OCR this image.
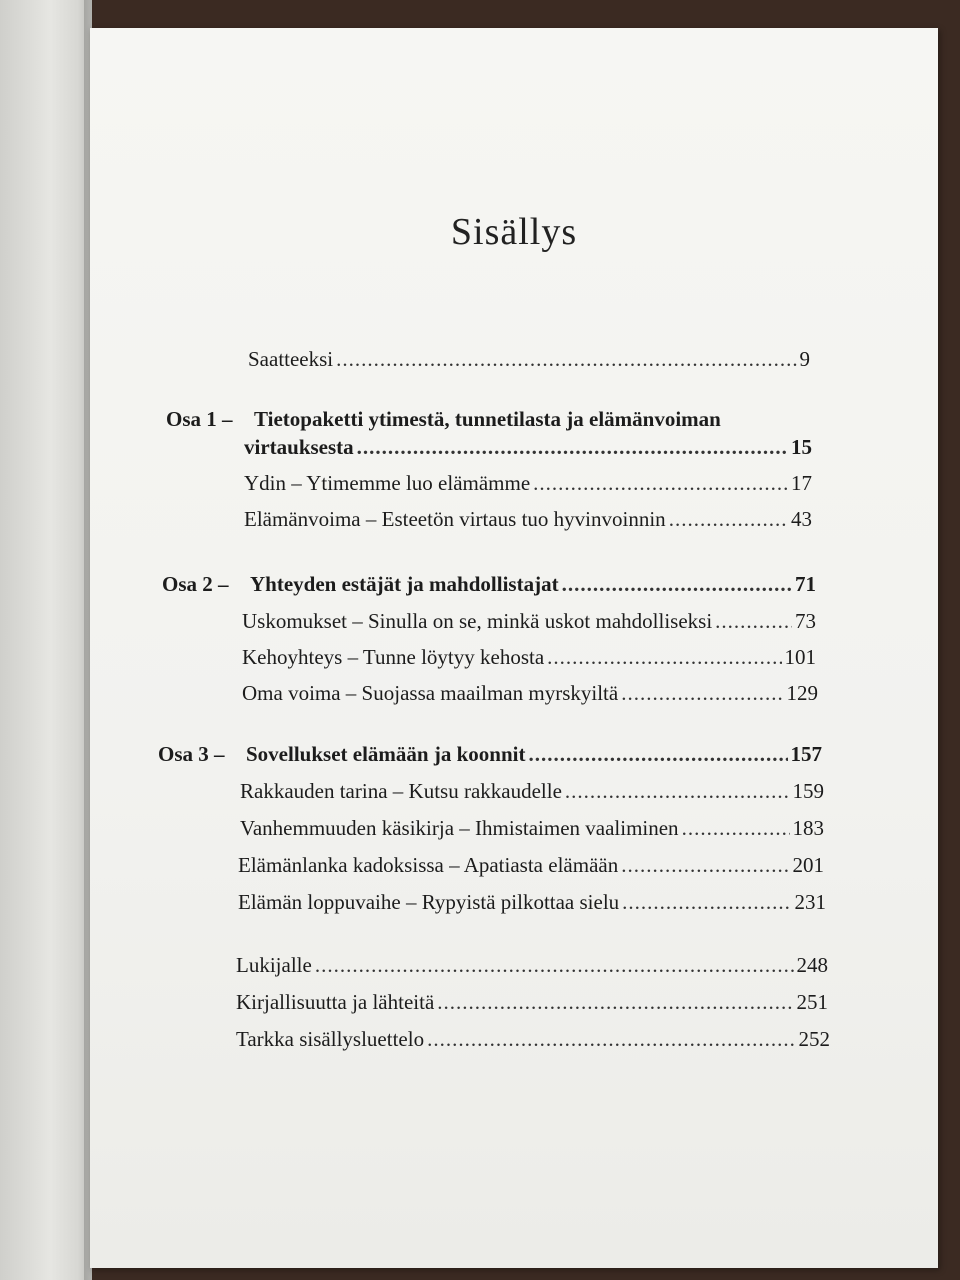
Sisällys
Saatteeksi .....	9
Osa 1 –	Tietopaketti ytimestä, tunnetilasta ja elämänvoiman
virtauksesta .....	15
Ydin – Ytimemme luo elämämme .....	17
Elämänvoima – Esteetön virtaus tuo hyvinvoinnin .....	43
Osa 2 –	Yhteyden estäjät ja mahdollistajat .....	71
Uskomukset – Sinulla on se, minkä uskot mahdolliseksi .....	73
Kehoyhteys – Tunne löytyy kehosta .....	101
Oma voima – Suojassa maailman myrskyiltä .....	129
Osa 3 –	Sovellukset elämään ja koonnit .....	157
Rakkauden tarina – Kutsu rakkaudelle .....	159
Vanhemmuuden käsikirja – Ihmistaimen vaaliminen .....	183
Elämänlanka kadoksissa – Apatiasta elämään .....	201
Elämän loppuvaihe – Rypyistä pilkottaa sielu .....	231
Lukijalle .....	248
Kirjallisuutta ja lähteitä .....	251
Tarkka sisällysluettelo .....	252
